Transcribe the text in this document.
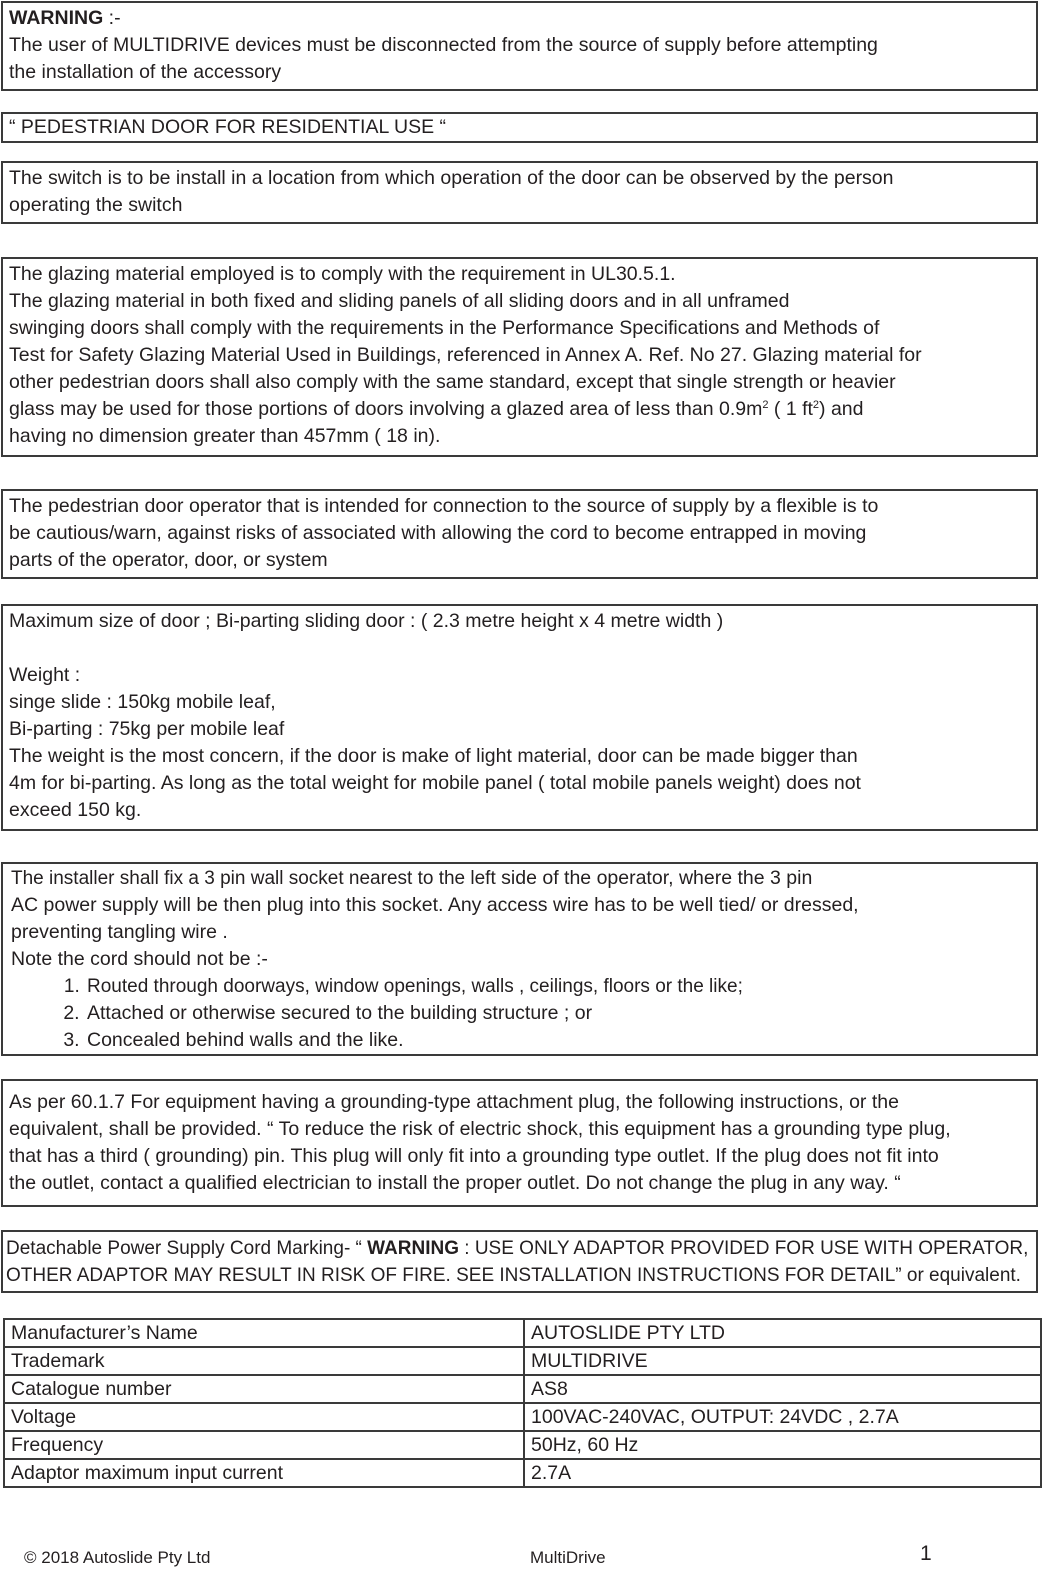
WARNING :-

The user of MULTIDRIVE devices must be disconnected from the source of supply before attempting

the installation of the accessory

“ PEDESTRIAN DOOR FOR RESIDENTIAL USE “

The switch is to be install in a location from which operation of the door can be observed by the person

operating the switch

The glazing material employed is to comply with the requirement in UL30.5.1.

The glazing material in both fixed and sliding panels of all sliding doors and in all unframed

swinging doors shall comply with the requirements in the Performance Specifications and Methods of

Test for Safety Glazing Material Used in Buildings, referenced in Annex A. Ref. No 27. Glazing material for

other pedestrian doors shall also comply with the same standard, except that single strength or heavier

glass may be used for those portions of doors involving a glazed area of less than $0.9m^2$ ( 1 $ft^2$) and

having no dimension greater than 457mm ( 18 in).

The pedestrian door operator that is intended for connection to the source of supply by a flexible is to

be cautious/warn, against risks of associated with allowing the cord to become entrapped in moving

parts of the operator, door, or system

Maximum size of door ; Bi-parting sliding door : ( 2.3 metre height x 4 metre width )

Weight :

singe slide : 150kg mobile leaf,

Bi-parting : 75kg per mobile leaf

The weight is the most concern, if the door is make of light material, door can be made bigger than

4m for bi-parting. As long as the total weight for mobile panel ( total mobile panels weight) does not

exceed 150 kg.

The installer shall fix a 3 pin wall socket nearest to the left side of the operator, where the 3 pin

AC power supply will be then plug into this socket. Any access wire has to be well tied/ or dressed,

preventing tangling wire .

Note the cord should not be :-

1. Routed through doorways, window openings, walls , ceilings, floors or the like;
2. Attached or otherwise secured to the building structure ; or
3. Concealed behind walls and the like.

As per 60.1.7 For equipment having a grounding-type attachment plug, the following instructions, or the

equivalent, shall be provided. “ To reduce the risk of electric shock, this equipment has a grounding type plug,

that has a third ( grounding) pin. This plug will only fit into a grounding type outlet. If the plug does not fit into

the outlet, contact a qualified electrician to install the proper outlet. Do not change the plug in any way. “

Detachable Power Supply Cord Marking- “ WARNING : USE ONLY ADAPTOR PROVIDED FOR USE WITH OPERATOR,

OTHER ADAPTOR MAY RESULT IN RISK OF FIRE. SEE INSTALLATION INSTRUCTIONS FOR DETAIL” or equivalent.

Manufacturer’s Name	AUTOSLIDE PTY LTD
Trademark	MULTIDRIVE
Catalogue number	AS8
Voltage	100VAC-240VAC, OUTPUT: 24VDC , 2.7A
Frequency	50Hz, 60 Hz
Adaptor maximum input current	2.7A
© 2018 Autoslide Pty Ltd	MultiDrive	1
